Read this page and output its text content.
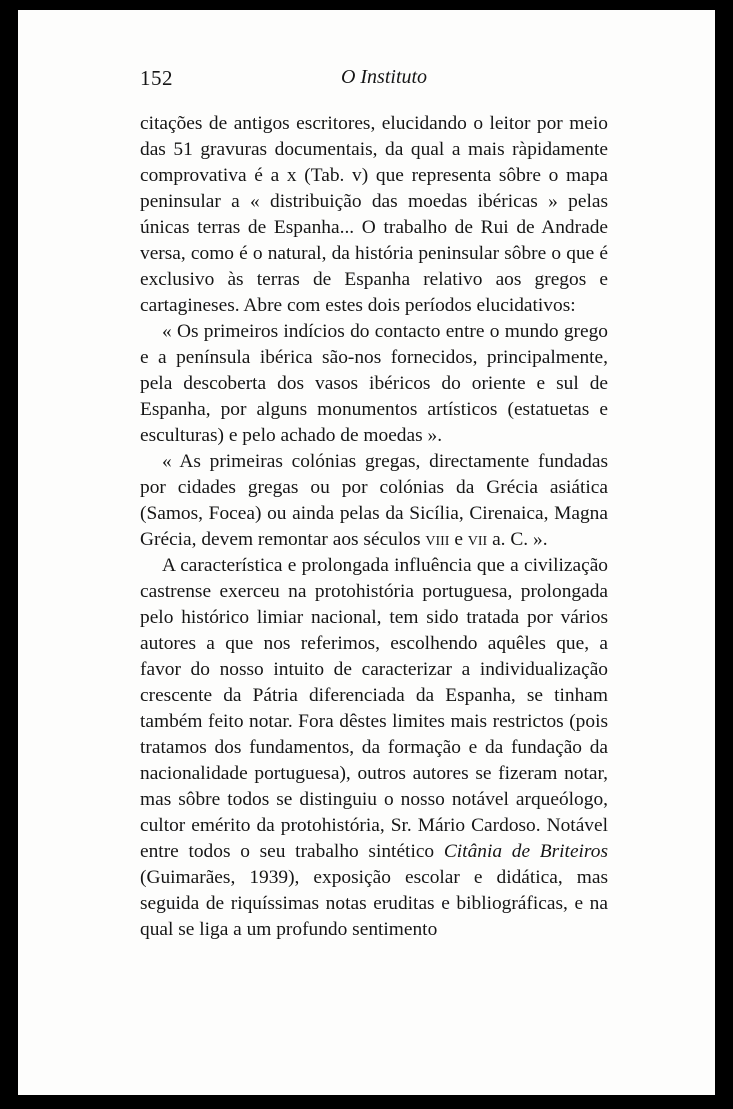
152	O Instituto

citações de antigos escritores, elucidando o leitor por meio das 51 gravuras documentais, da qual a mais ràpidamente comprovativa é a x (Tab. v) que representa sôbre o mapa peninsular a « distribuição das moedas ibéricas » pelas únicas terras de Espanha... O trabalho de Rui de Andrade versa, como é o natural, da história peninsular sôbre o que é exclusivo às terras de Espanha relativo aos gregos e cartagineses. Abre com estes dois períodos elucidativos:

« Os primeiros indícios do contacto entre o mundo grego e a península ibérica são-nos fornecidos, principalmente, pela descoberta dos vasos ibéricos do oriente e sul de Espanha, por alguns monumentos artísticos (estatuetas e esculturas) e pelo achado de moedas ».

« As primeiras colónias gregas, directamente fundadas por cidades gregas ou por colónias da Grécia asiática (Samos, Focea) ou ainda pelas da Sicília, Cirenaica, Magna Grécia, devem remontar aos séculos viii e vii a. C. ».

A característica e prolongada influência que a civilização castrense exerceu na protohistória portuguesa, prolongada pelo histórico limiar nacional, tem sido tratada por vários autores a que nos referimos, escolhendo aquêles que, a favor do nosso intuito de caracterizar a individualização crescente da Pátria diferenciada da Espanha, se tinham também feito notar. Fora dêstes limites mais restrictos (pois tratamos dos fundamentos, da formação e da fundação da nacionalidade portuguesa), outros autores se fizeram notar, mas sôbre todos se distinguiu o nosso notável arqueólogo, cultor emérito da protohistória, Sr. Mário Cardoso. Notável entre todos o seu trabalho sintético Citânia de Briteiros (Guimarães, 1939), exposição escolar e didática, mas seguida de riquíssimas notas eruditas e bibliográficas, e na qual se liga a um profundo sentimento
